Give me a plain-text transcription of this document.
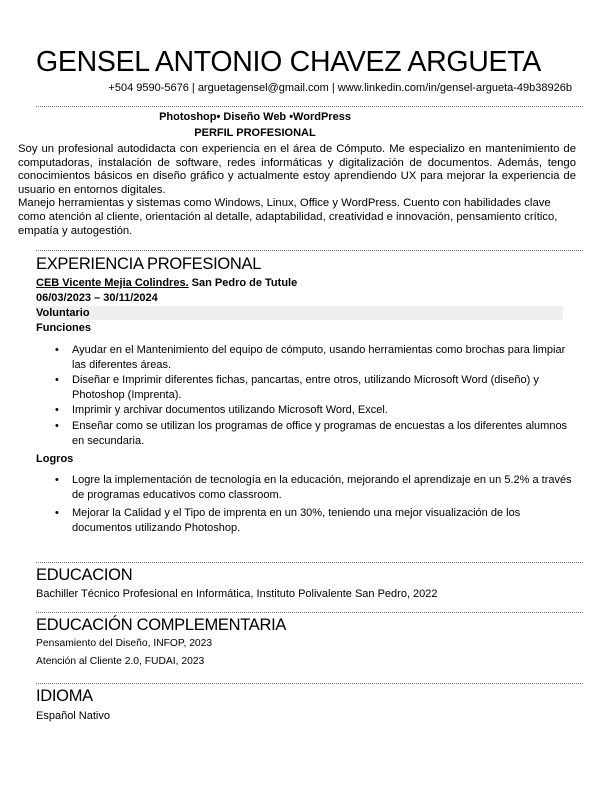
GENSEL ANTONIO CHAVEZ ARGUETA
+504 9590-5676 | arguetagensel@gmail.com | www.linkedin.com/in/gensel-argueta-49b38926b
Photoshop• Diseño Web •WordPress
PERFIL PROFESIONAL

Soy un profesional autodidacta con experiencia en el área de Cómputo. Me especializo en mantenimiento de computadoras, instalación de software, redes informáticas y digitalización de documentos. Además, tengo conocimientos básicos en diseño gráfico y actualmente estoy aprendiendo UX para mejorar la experiencia de usuario en entornos digitales.

Manejo herramientas y sistemas como Windows, Linux, Office y WordPress. Cuento con habilidades clave como atención al cliente, orientación al detalle, adaptabilidad, creatividad e innovación, pensamiento crítico, empatía y autogestión.

EXPERIENCIA PROFESIONAL
CEB Vicente Mejia Colindres. San Pedro de Tutule
06/03/2023 – 30/11/2024
Voluntario
Funciones
• Ayudar en el Mantenimiento del equipo de cómputo, usando herramientas como brochas para limpiar las diferentes áreas.
• Diseñar e Imprimir diferentes fichas, pancartas, entre otros, utilizando Microsoft Word (diseño) y Photoshop (Imprenta).
• Imprimir y archivar documentos utilizando Microsoft Word, Excel.
• Enseñar como se utilizan los programas de office y programas de encuestas a los diferentes alumnos en secundaria.
Logros
• Logre la implementación de tecnología en la educación, mejorando el aprendizaje en un 5.2% a través de programas educativos como classroom.
• Mejorar la Calidad y el Tipo de imprenta en un 30%, teniendo una mejor visualización de los documentos utilizando Photoshop.
EDUCACION
Bachiller Técnico Profesional en Informática, Instituto Polivalente San Pedro, 2022
EDUCACIÓN COMPLEMENTARIA
Pensamiento del Diseño, INFOP, 2023
Atención al Cliente 2.0, FUDAI, 2023
IDIOMA
Español Nativo
